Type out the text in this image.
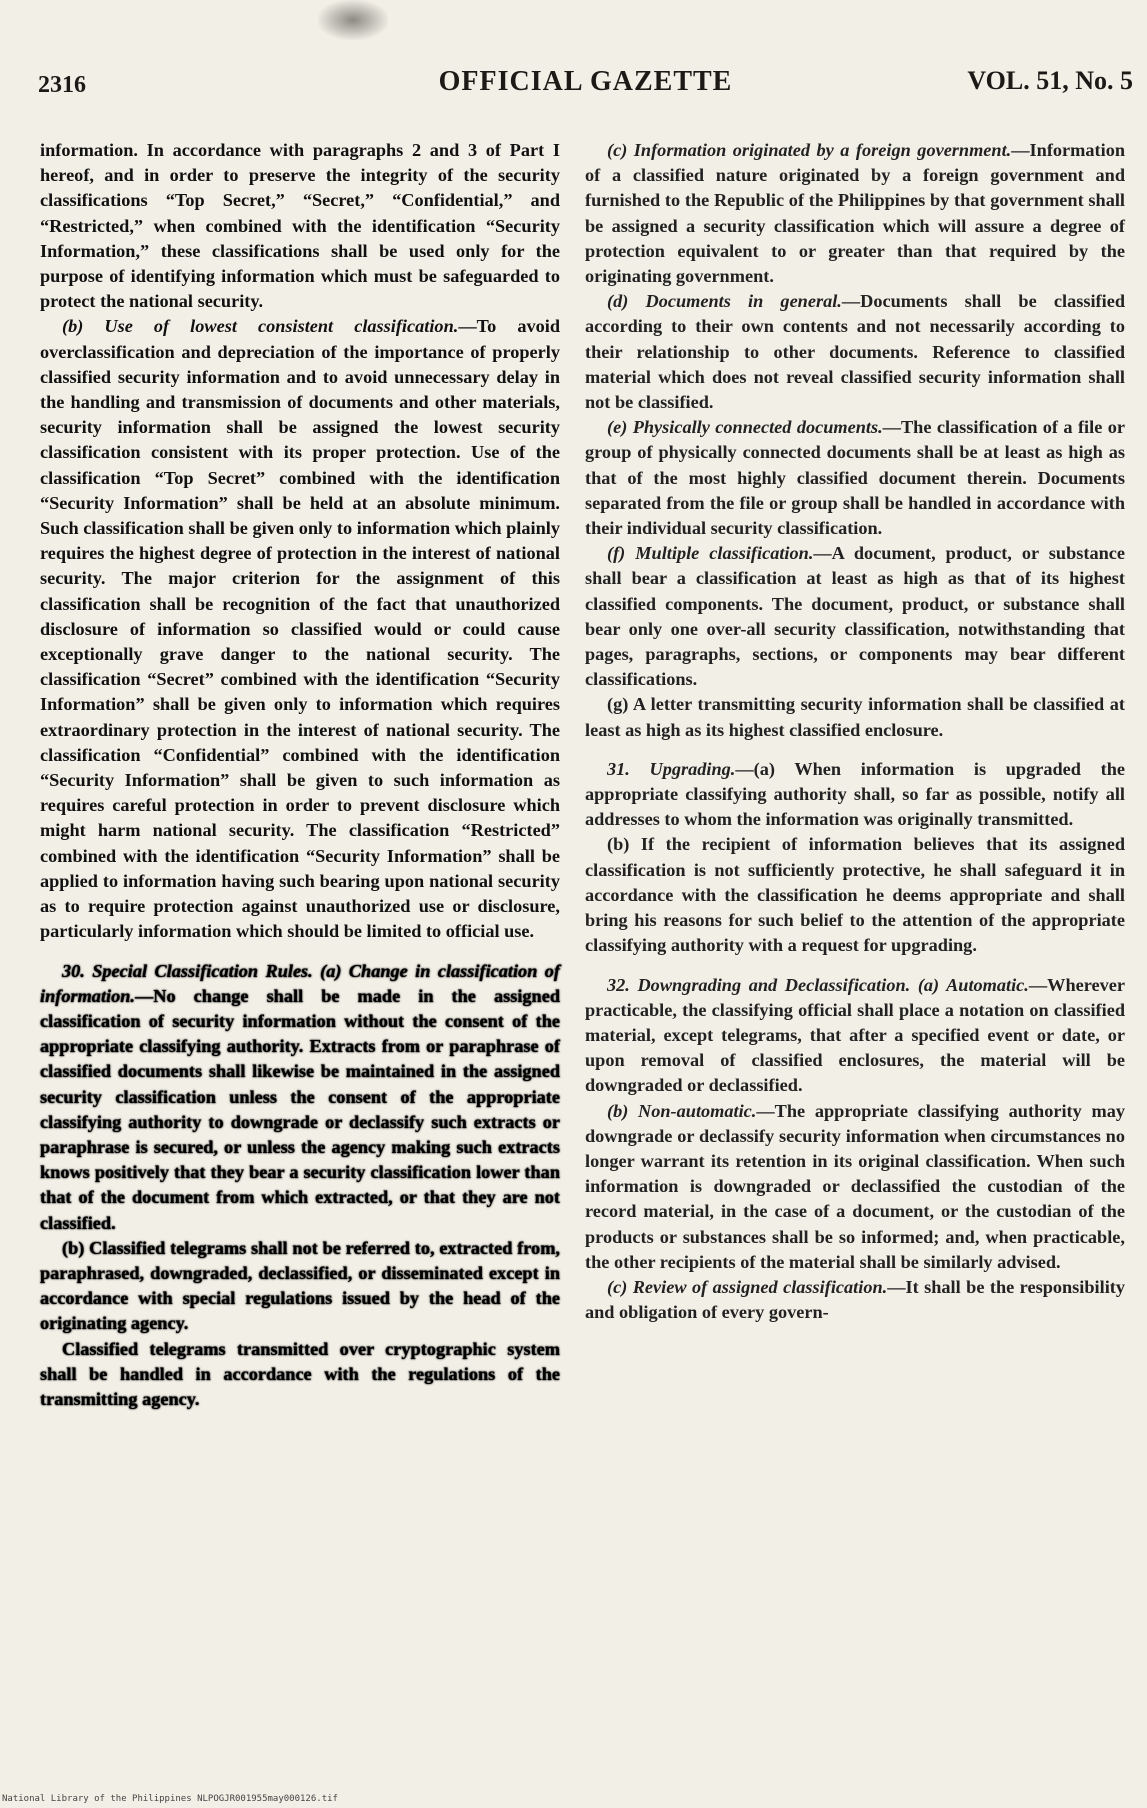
2316	OFFICIAL GAZETTE	VOL. 51, No. 5

information. In accordance with paragraphs 2 and 3 of Part I hereof, and in order to preserve the integrity of the security classifications “Top Secret,” “Secret,” “Confidential,” and “Restricted,” when combined with the identification “Security Information,” these classifications shall be used only for the purpose of identifying information which must be safeguarded to protect the national security.

(b) Use of lowest consistent classification.—To avoid overclassification and depreciation of the importance of properly classified security information and to avoid unnecessary delay in the handling and transmission of documents and other materials, security information shall be assigned the lowest security classification consistent with its proper protection. Use of the classification “Top Secret” combined with the identification “Security Information” shall be held at an absolute minimum. Such classification shall be given only to information which plainly requires the highest degree of protection in the interest of national security. The major criterion for the assignment of this classification shall be recognition of the fact that unauthorized disclosure of information so classified would or could cause exceptionally grave danger to the national security. The classification “Secret” combined with the identification “Security Information” shall be given only to information which requires extraordinary protection in the interest of national security. The classification “Confidential” combined with the identification “Security Information” shall be given to such information as requires careful protection in order to prevent disclosure which might harm national security. The classification “Restricted” combined with the identification “Security Information” shall be applied to information having such bearing upon national security as to require protection against unauthorized use or disclosure, particularly information which should be limited to official use.

30. Special Classification Rules. (a) Change in classification of information.—No change shall be made in the assigned classification of security information without the consent of the appropriate classifying authority. Extracts from or paraphrase of classified documents shall likewise be maintained in the assigned security classification unless the consent of the appropriate classifying authority to downgrade or declassify such extracts or paraphrase is secured, or unless the agency making such extracts knows positively that they bear a security classification lower than that of the document from which extracted, or that they are not classified.

(b) Classified telegrams shall not be referred to, extracted from, paraphrased, downgraded, declassified, or disseminated except in accordance with special regulations issued by the head of the originating agency.

Classified telegrams transmitted over cryptographic system shall be handled in accordance with the regulations of the transmitting agency.

(c) Information originated by a foreign government.—Information of a classified nature originated by a foreign government and furnished to the Republic of the Philippines by that government shall be assigned a security classification which will assure a degree of protection equivalent to or greater than that required by the originating government.

(d) Documents in general.—Documents shall be classified according to their own contents and not necessarily according to their relationship to other documents. Reference to classified material which does not reveal classified security information shall not be classified.

(e) Physically connected documents.—The classification of a file or group of physically connected documents shall be at least as high as that of the most highly classified document therein. Documents separated from the file or group shall be handled in accordance with their individual security classification.

(f) Multiple classification.—A document, product, or substance shall bear a classification at least as high as that of its highest classified components. The document, product, or substance shall bear only one over-all security classification, notwithstanding that pages, paragraphs, sections, or components may bear different classifications.

(g) A letter transmitting security information shall be classified at least as high as its highest classified enclosure.

31. Upgrading.—(a) When information is upgraded the appropriate classifying authority shall, so far as possible, notify all addresses to whom the information was originally transmitted.

(b) If the recipient of information believes that its assigned classification is not sufficiently protective, he shall safeguard it in accordance with the classification he deems appropriate and shall bring his reasons for such belief to the attention of the appropriate classifying authority with a request for upgrading.

32. Downgrading and Declassification. (a) Automatic.—Wherever practicable, the classifying official shall place a notation on classified material, except telegrams, that after a specified event or date, or upon removal of classified enclosures, the material will be downgraded or declassified.

(b) Non-automatic.—The appropriate classifying authority may downgrade or declassify security information when circumstances no longer warrant its retention in its original classification. When such information is downgraded or declassified the custodian of the record material, in the case of a document, or the custodian of the products or substances shall be so informed; and, when practicable, the other recipients of the material shall be similarly advised.

(c) Review of assigned classification.—It shall be the responsibility and obligation of every govern-

National Library of the Philippines NLPOGJR001955may000126.tif
